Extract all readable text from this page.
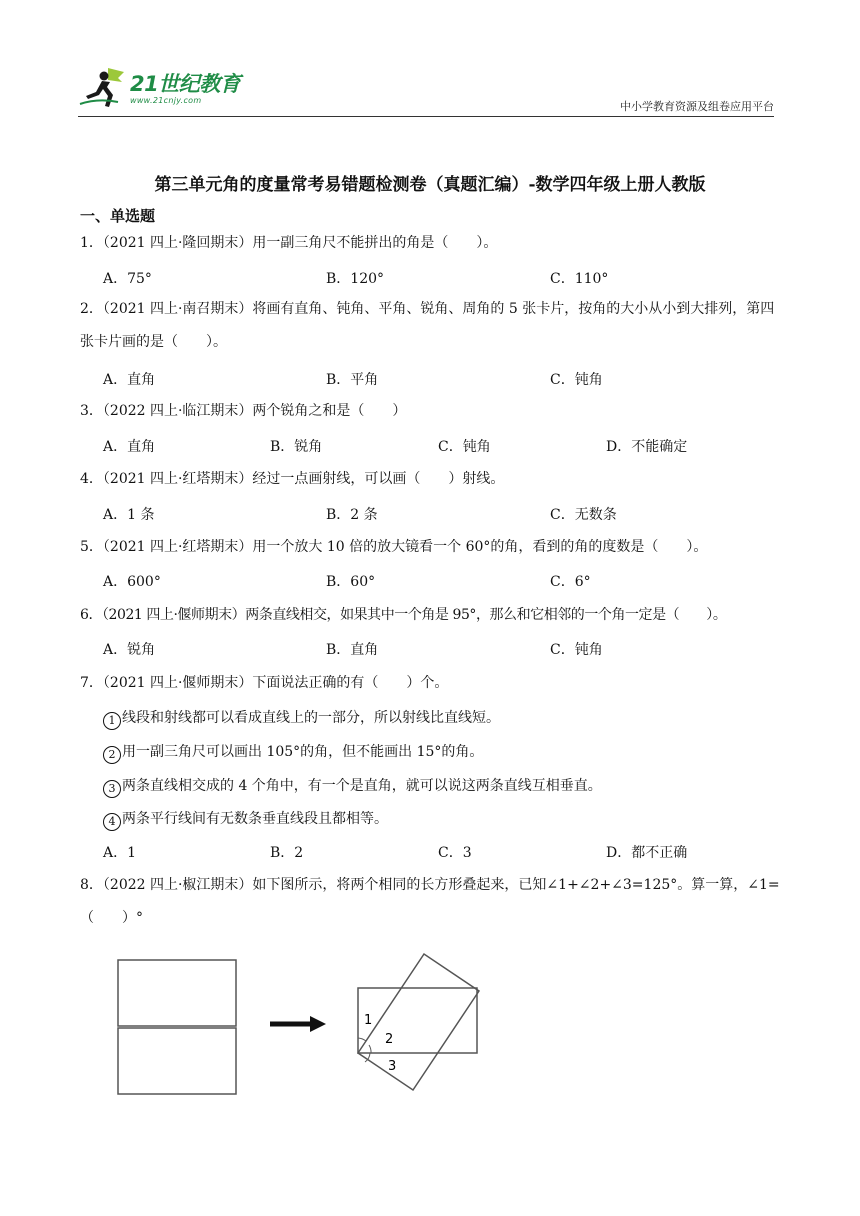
21世纪教育
www.21cnjy.com	中小学教育资源及组卷应用平台
第三单元角的度量常考易错题检测卷（真题汇编）-数学四年级上册人教版
一、单选题
1．（2021 四上·隆回期末）用一副三角尺不能拼出的角是（　　）。
A．75°	B．120°	C．110°
2．（2021 四上·南召期末）将画有直角、钝角、平角、锐角、周角的 5 张卡片，按角的大小从小到大排列，第四张卡片画的是（　　）。
A．直角	B．平角	C．钝角
3．（2022 四上·临江期末）两个锐角之和是（　　）
A．直角	B．锐角	C．钝角	D．不能确定
4．（2021 四上·红塔期末）经过一点画射线，可以画（　　）射线。
A．1 条	B．2 条	C．无数条
5．（2021 四上·红塔期末）用一个放大 10 倍的放大镜看一个 60°的角，看到的角的度数是（　　）。
A．600°	B．60°	C．6°
6．（2021 四上·偃师期末）两条直线相交，如果其中一个角是 95°，那么和它相邻的一个角一定是（　　）。
A．锐角	B．直角	C．钝角
7．（2021 四上·偃师期末）下面说法正确的有（　　）个。
1 线段和射线都可以看成直线上的一部分，所以射线比直线短。
2 用一副三角尺可以画出 105°的角，但不能画出 15°的角。
3 两条直线相交成的 4 个角中，有一个是直角，就可以说这两条直线互相垂直。
4 两条平行线间有无数条垂直线段且都相等。
A．1	B．2	C．3	D．都不正确
8．（2022 四上·椒江期末）如下图所示，将两个相同的长方形叠起来，已知∠1+∠2+∠3=125°。算一算，∠1=（　　）°
1
2
3
